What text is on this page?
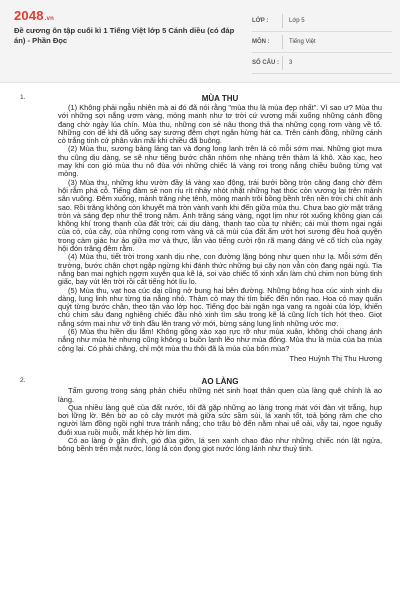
2048.vn
Đề cương ôn tập cuối kì 1 Tiếng Việt lớp 5 Cánh diều (có đáp án) - Phần Đọc
LỚP :	Lớp 5
MÔN :	Tiếng Việt
SỐ CÂU :	3
1.	MÙA THU

(1) Không phải ngẫu nhiên mà ai đó đã nói rằng "mùa thu là mùa đẹp nhất". Vì sao ư? Mùa thu với những sợi nắng ươm vàng, mỏng manh như tơ trời cứ vương mãi xuống những cánh đồng đang chờ ngày lúa chín. Mùa thu, những con sẻ nâu thong thả tha những cọng rơm vàng về tổ. Những con dế khi đã uống say sương đêm chợt ngân hừng hát ca. Trên cánh đồng, những cánh cò trắng tinh cứ phân vân mãi khi chiều đã buông.

(2) Mùa thu, sương bảng lảng tan và đọng long lanh trên lá cỏ mỗi sớm mai. Những giọt mưa thu cũng dịu dàng, se sẽ như tiếng bước chân nhóm nhẹ nhàng trên thảm lá khô. Xào xạc, heo may khi con gió mùa thu nô đùa với những chiếc lá vàng rơi trong nắng chiều buông từng vạt mỏng.

(3) Mùa thu, những khu vườn đầy lá vàng xao động, trái bưởi bồng tròn căng đang chờ đêm hội rằm phá cỗ. Tiếng đàm sẻ non ríu rít nhảy nhót nhặt những hạt thóc còn vương lại trên mảnh sân vuông. Đêm xuống, mảnh trăng nhẹ tênh, mỏng manh trôi bồng bềnh trên nền trời chi chít ánh sao. Rồi trăng không còn khuyết mà tròn vành vạnh khi đến giữa mùa thu. Chưa bao giờ mặt trăng tròn và sáng đẹp như thế trong năm. Ánh trăng sáng vàng, ngọt lịm như rót xuống không gian cái không khí trong thanh của đất trời; cái dịu dàng, thanh tao của tự nhiên; cái mùi thơm ngai ngái của cỏ, của cây, của những cọng rơm vàng và cả mùi của đất ẩm ướt hơi sương đều hoà quyện trong cảm giác hư ảo giữa mơ và thực, lẫn vào tiếng cười rộn rã mang dáng vẻ cổ tích của ngày hội đón trăng đêm rằm.

(4) Mùa thu, tiết trời trong xanh dịu nhẹ, con đường lặng bóng như quen như lạ. Mỗi sớm đến trường, bước chân chợt ngập ngừng khi đánh thức những bụi cây non vẫn còn đang ngái ngủ. Tia nắng ban mai nghịch ngợm xuyên qua kẽ lá, soi vào chiếc tổ xinh xắn làm chú chim non bừng tỉnh giấc, bay vút lên trời rồi cất tiếng hót líu lo.

(5) Mùa thu, vạt hoa cúc dại cũng nở bung hai bên đường. Những bông hoa cúc xinh xinh dịu dàng, lung linh như từng tia nắng nhỏ. Thảm cỏ may thi tím biếc đến nôn nao. Hoa cỏ may quấn quýt từng bước chân, theo tận vào lớp học. Tiếng đọc bài ngân nga vang ra ngoài của lớp, khiến chú chim sâu đang nghiêng chiếc đầu nhỏ xinh tìm sâu trong kẽ lá cũng lích tích hót theo. Giọt nắng sớm mai như vỡ tinh đầu lên trang vở mới, bừng sáng lung linh những ước mơ.

(6) Mùa thu hiền dịu lắm! Không gồng xào xạo rực rỡ như mùa xuân, không chói chang ánh nắng như mùa hè nhưng cũng không u buồn lạnh lẽo như mùa đông. Mùa thu là mùa của ba mùa cộng lại. Có phải chăng, chỉ một mùa thu thôi đã là mùa của bốn mùa?

Theo Huỳnh Thị Thu Hương

2.	AO LÀNG

Tấm gương trong sáng phản chiếu những nét sinh hoạt thân quen của làng quê chính là ao làng.

Qua nhiều làng quê của đất nước, tôi đã gặp những ao làng trong mát với đàn vịt trắng, hụp bơi lững lờ. Bên bờ ao cỏ cây mướt mà giữa sức sầm sùi, lá xanh tốt, toả bóng râm che cho người làm đồng ngồi nghỉ trưa tránh nắng; cho trâu bò đến nằm nhai uể oải, vẫy tai, ngoe nguẩy đuôi xua ruồi muỗi, mắt khép hờ lim dim.

Có ao làng ở gần đình, gió đùa giỡn, lá sen xanh chao đảo như những chiếc nón lật ngửa, bông bềnh trên mặt nước, lóng lá còn đọng giọt nước lóng lánh như thuỷ tinh.
